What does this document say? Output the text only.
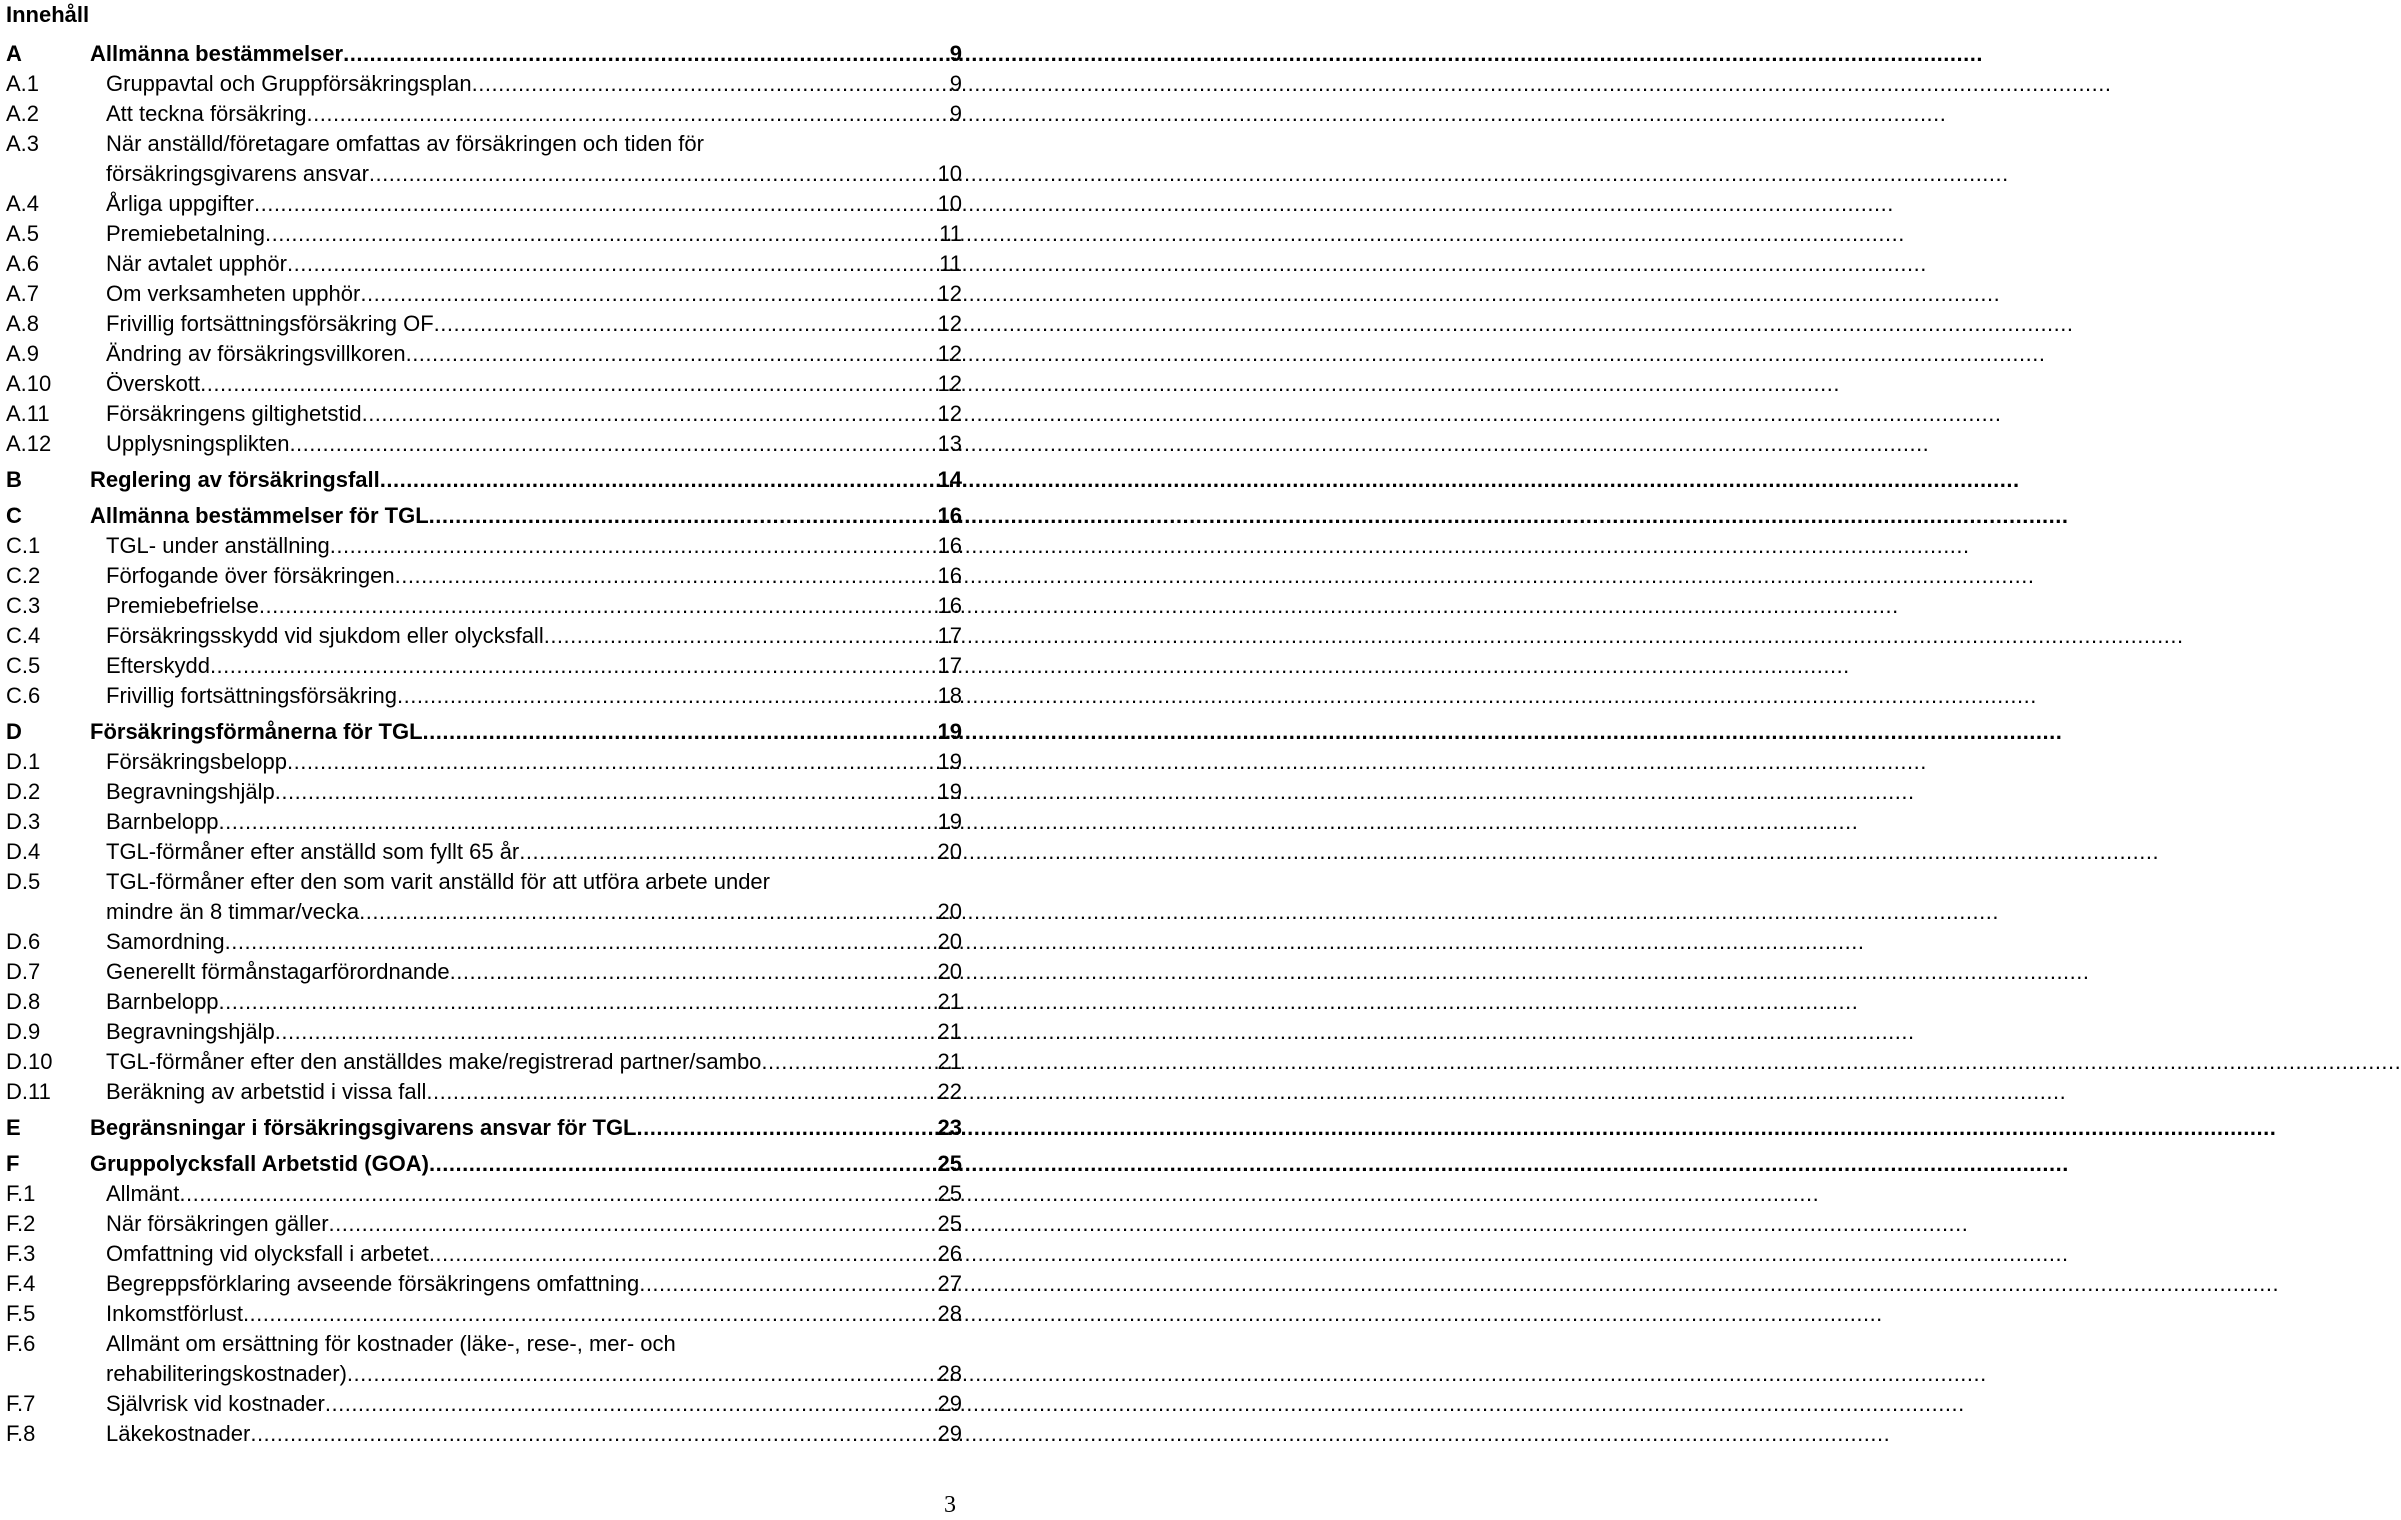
Innehåll
A	Allmänna bestämmelser .....	9
A.1	Gruppavtal och Gruppförsäkringsplan .....	9
A.2	Att teckna försäkring .....	9
A.3	När anställd/företagare omfattas av försäkringen och tiden för
försäkringsgivarens ansvar .....	10
A.4	Årliga uppgifter .....	10
A.5	Premiebetalning .....	11
A.6	När avtalet upphör .....	11
A.7	Om verksamheten upphör .....	12
A.8	Frivillig fortsättningsförsäkring OF .....	12
A.9	Ändring av försäkringsvillkoren .....	12
A.10	Överskott .....	12
A.11	Försäkringens giltighetstid .....	12
A.12	Upplysningsplikten .....	13
B	Reglering av försäkringsfall .....	14
C	Allmänna bestämmelser för TGL .....	16
C.1	TGL- under anställning .....	16
C.2	Förfogande över försäkringen .....	16
C.3	Premiebefrielse .....	16
C.4	Försäkringsskydd vid sjukdom eller olycksfall .....	17
C.5	Efterskydd .....	17
C.6	Frivillig fortsättningsförsäkring .....	18
D	Försäkringsförmånerna för TGL .....	19
D.1	Försäkringsbelopp .....	19
D.2	Begravningshjälp .....	19
D.3	Barnbelopp .....	19
D.4	TGL-förmåner efter anställd som fyllt 65 år .....	20
D.5	TGL-förmåner efter den som varit anställd för att utföra arbete under
mindre än 8 timmar/vecka .....	20
D.6	Samordning .....	20
D.7	Generellt förmånstagarförordnande .....	20
D.8	Barnbelopp .....	21
D.9	Begravningshjälp .....	21
D.10	TGL-förmåner efter den anställdes make/registrerad partner/sambo .....	21
D.11	Beräkning av arbetstid i vissa fall .....	22
E	Begränsningar i försäkringsgivarens ansvar för TGL .....	23
F	Gruppolycksfall Arbetstid (GOA) .....	25
F.1	Allmänt .....	25
F.2	När försäkringen gäller .....	25
F.3	Omfattning vid olycksfall i arbetet .....	26
F.4	Begreppsförklaring avseende försäkringens omfattning .....	27
F.5	Inkomstförlust .....	28
F.6	Allmänt om ersättning för kostnader (läke-, rese-, mer- och
rehabiliteringskostnader) .....	28
F.7	Självrisk vid kostnader .....	29
F.8	Läkekostnader .....	29
3
